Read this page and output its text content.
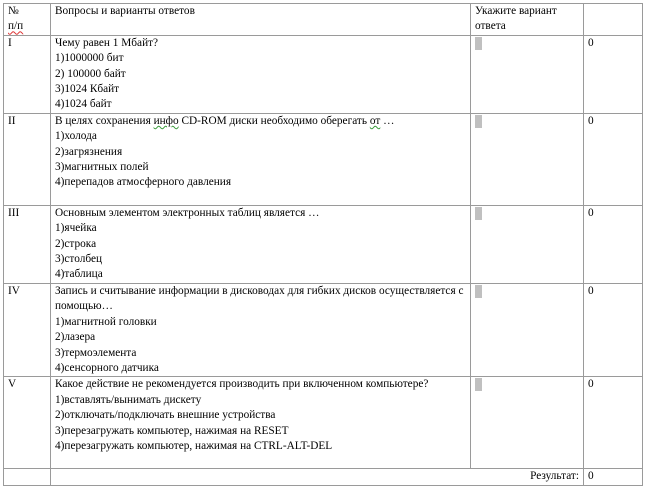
№
п/п	Вопросы и варианты ответов	Укажите вариант ответа	
I	Чему равен 1 Мбайт?
1)1000000 бит
2) 100000 байт
3)1024 Кбайт
4)1024 байт		0
II	В целях сохранения инфо CD-ROM диски необходимо оберегать от …
1)холода
2)загрязнения
3)магнитных полей
4)перепадов атмосферного давления		0
III	Основным элементом электронных таблиц является …
1)ячейка
2)строка
3)столбец
4)таблица		0
IV	Запись и считывание информации в дисководах для гибких дисков осуществляется с помощью…
1)магнитной головки
2)лазера
3)термоэлемента
4)сенсорного датчика		0
V	Какое действие не рекомендуется производить при включенном компьютере?
1)вставлять/вынимать дискету
2)отключать/подключать внешние устройства
3)перезагружать компьютер, нажимая на RESET
4)перезагружать компьютер, нажимая на CTRL-ALT-DEL		0
	Результат:		0
